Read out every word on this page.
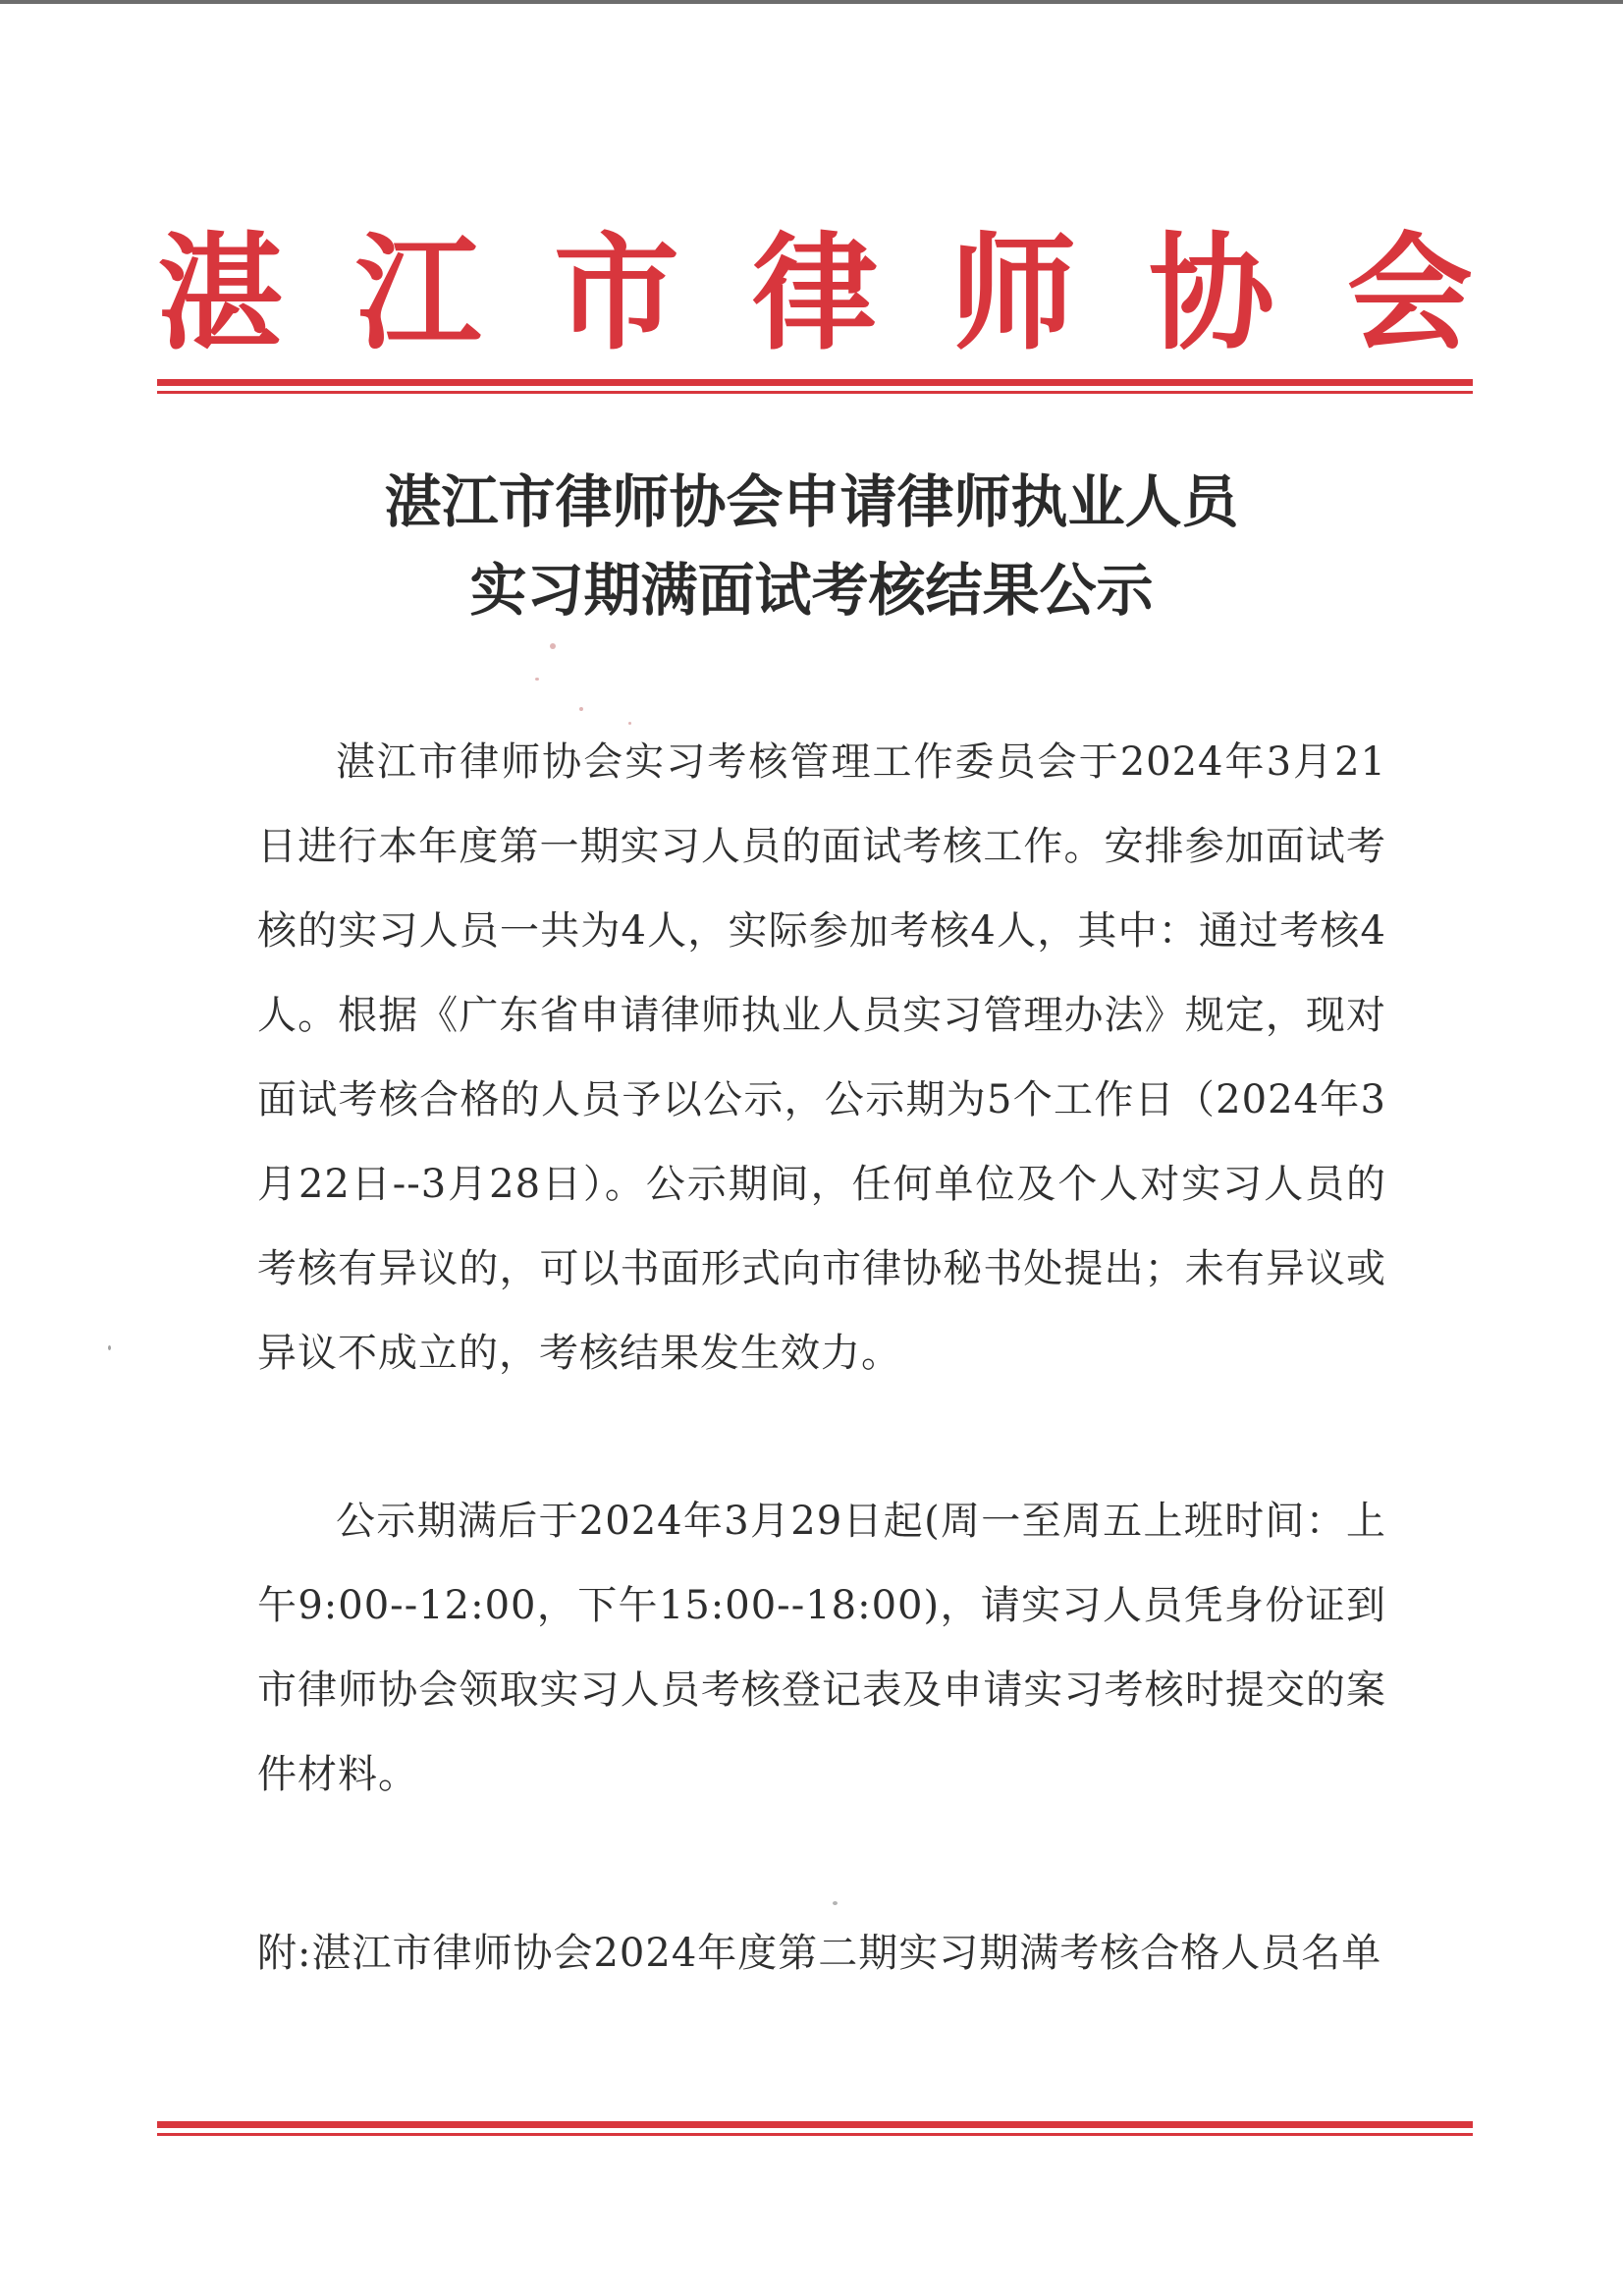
湛 江 市 律 师 协 会
湛江市律师协会申请律师执业人员
实习期满面试考核结果公示

湛江市律师协会实习考核管理工作委员会于2024年3月21日进行本年度第一期实习人员的面试考核工作。安排参加面试考核的实习人员一共为4人，实际参加考核4人，其中：通过考核4人。根据《广东省申请律师执业人员实习管理办法》规定，现对面试考核合格的人员予以公示，公示期为5个工作日（2024年3月22日--3月28日）。公示期间，任何单位及个人对实习人员的考核有异议的，可以书面形式向市律协秘书处提出；未有异议或异议不成立的，考核结果发生效力。

公示期满后于2024年3月29日起(周一至周五上班时间：上午9:00--12:00，下午15:00--18:00)，请实习人员凭身份证到市律师协会领取实习人员考核登记表及申请实习考核时提交的案件材料。

附:湛江市律师协会2024年度第二期实习期满考核合格人员名单
